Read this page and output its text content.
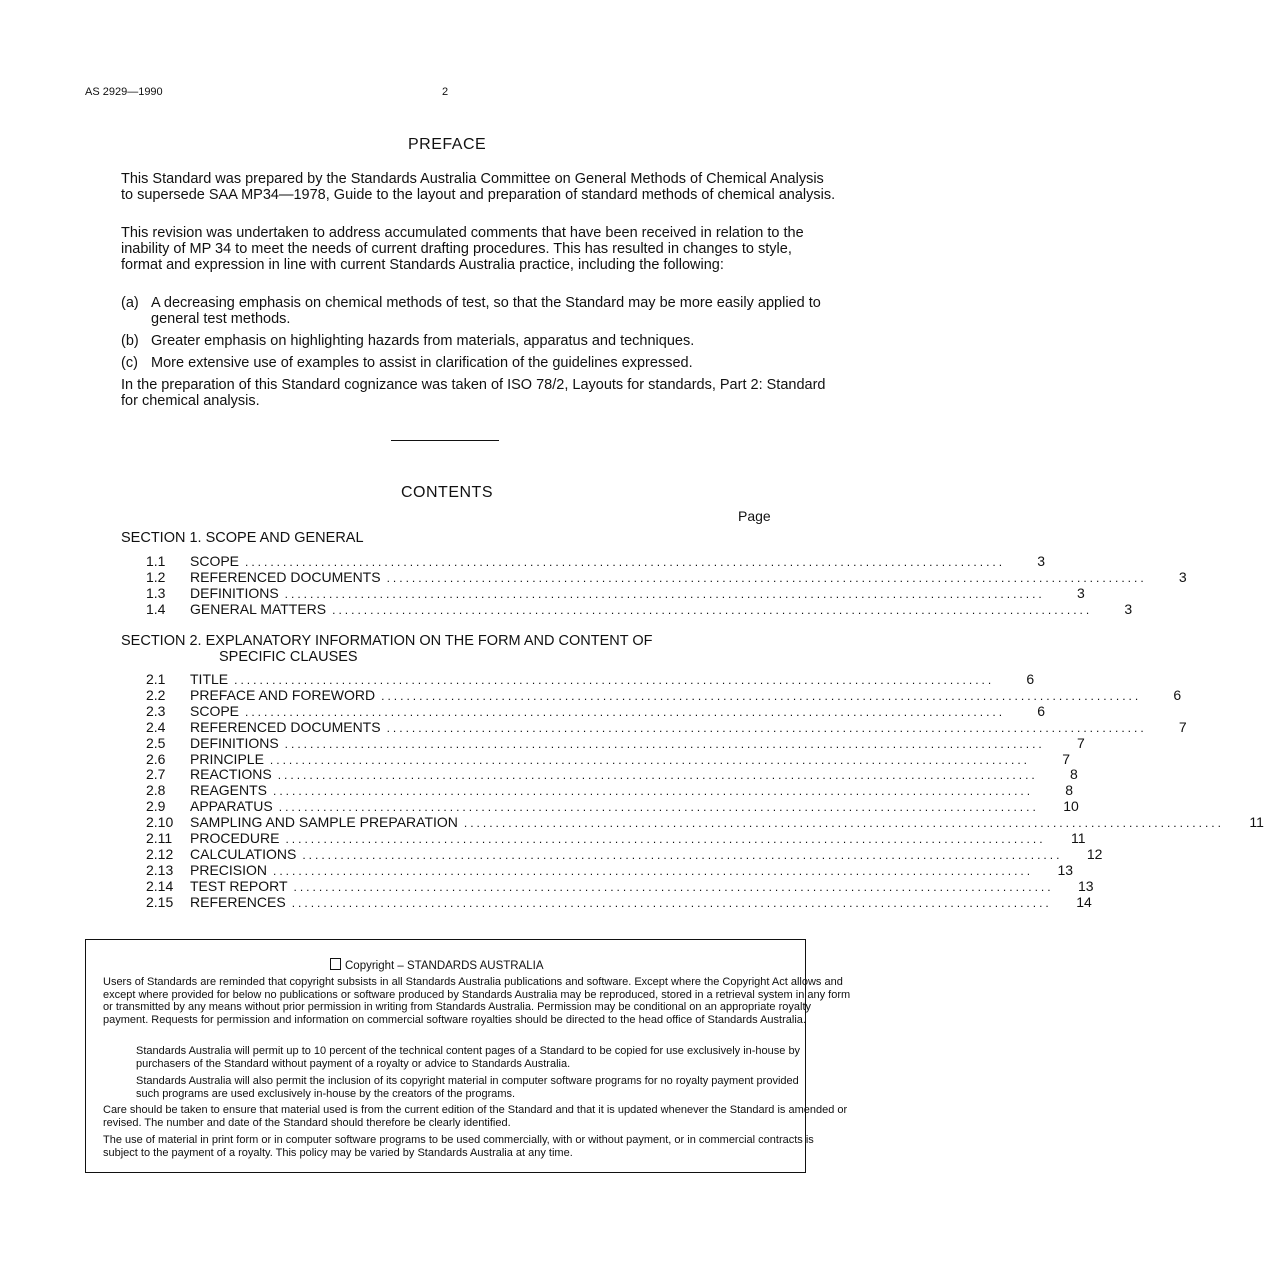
AS 2929—1990	2
PREFACE

This Standard was prepared by the Standards Australia Committee on General Methods of Chemical Analysis to supersede SAA MP34—1978, Guide to the layout and preparation of standard methods of chemical analysis.

This revision was undertaken to address accumulated comments that have been received in relation to the inability of MP 34 to meet the needs of current drafting procedures. This has resulted in changes to style, format and expression in line with current Standards Australia practice, including the following:

(a) A decreasing emphasis on chemical methods of test, so that the Standard may be more easily applied to general test methods.
(b) Greater emphasis on highlighting hazards from materials, apparatus and techniques.
(c) More extensive use of examples to assist in clarification of the guidelines expressed.

In the preparation of this Standard cognizance was taken of ISO 78/2, Layouts for standards, Part 2: Standard for chemical analysis.

CONTENTS
Page
SECTION 1. SCOPE AND GENERAL
1.1	SCOPE ........................................................................................................................	3
1.2	REFERENCED DOCUMENTS ........................................................................................................................	3
1.3	DEFINITIONS ........................................................................................................................	3
1.4	GENERAL MATTERS ........................................................................................................................	3
SECTION 2. EXPLANATORY INFORMATION ON THE FORM AND CONTENT OF
SPECIFIC CLAUSES
2.1	TITLE ........................................................................................................................	6
2.2	PREFACE AND FOREWORD ........................................................................................................................	6
2.3	SCOPE ........................................................................................................................	6
2.4	REFERENCED DOCUMENTS ........................................................................................................................	7
2.5	DEFINITIONS ........................................................................................................................	7
2.6	PRINCIPLE ........................................................................................................................	7
2.7	REACTIONS ........................................................................................................................	8
2.8	REAGENTS ........................................................................................................................	8
2.9	APPARATUS ........................................................................................................................	10
2.10	SAMPLING AND SAMPLE PREPARATION ........................................................................................................................	11
2.11	PROCEDURE ........................................................................................................................	11
2.12	CALCULATIONS ........................................................................................................................	12
2.13	PRECISION ........................................................................................................................	13
2.14	TEST REPORT ........................................................................................................................	13
2.15	REFERENCES ........................................................................................................................	14
Copyright – STANDARDS AUSTRALIA

Users of Standards are reminded that copyright subsists in all Standards Australia publications and software. Except where the Copyright Act allows and except where provided for below no publications or software produced by Standards Australia may be reproduced, stored in a retrieval system in any form or transmitted by any means without prior permission in writing from Standards Australia. Permission may be conditional on an appropriate royalty payment. Requests for permission and information on commercial software royalties should be directed to the head office of Standards Australia.

Standards Australia will permit up to 10 percent of the technical content pages of a Standard to be copied for use exclusively in-house by purchasers of the Standard without payment of a royalty or advice to Standards Australia.

Standards Australia will also permit the inclusion of its copyright material in computer software programs for no royalty payment provided such programs are used exclusively in-house by the creators of the programs.

Care should be taken to ensure that material used is from the current edition of the Standard and that it is updated whenever the Standard is amended or revised. The number and date of the Standard should therefore be clearly identified.

The use of material in print form or in computer software programs to be used commercially, with or without payment, or in commercial contracts is subject to the payment of a royalty. This policy may be varied by Standards Australia at any time.
